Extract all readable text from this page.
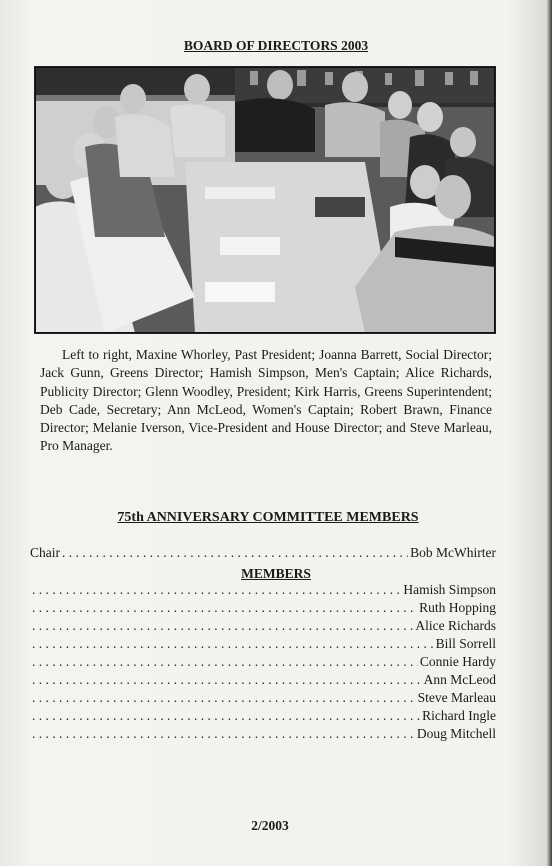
BOARD OF DIRECTORS 2003
Left to right, Maxine Whorley, Past President; Joanna Barrett, Social Director; Jack Gunn, Greens Director; Hamish Simpson, Men's Captain; Alice Richards, Publicity Director; Glenn Woodley, President; Kirk Harris, Greens Superintendent; Deb Cade, Secretary; Ann McLeod, Women's Captain; Robert Brawn, Finance Director; Melanie Iverson, Vice-President and House Director; and Steve Marleau, Pro Manager.
75th ANNIVERSARY COMMITTEE MEMBERS
Chair
. . .	Bob McWhirter
MEMBERS
. . .
Hamish Simpson
. . .
Ruth Hopping
. . .
Alice Richards
. . .
Bill Sorrell
. . .
Connie Hardy
. . .
Ann McLeod
. . .
Steve Marleau
. . .
Richard Ingle
. . .
Doug Mitchell
2/2003
